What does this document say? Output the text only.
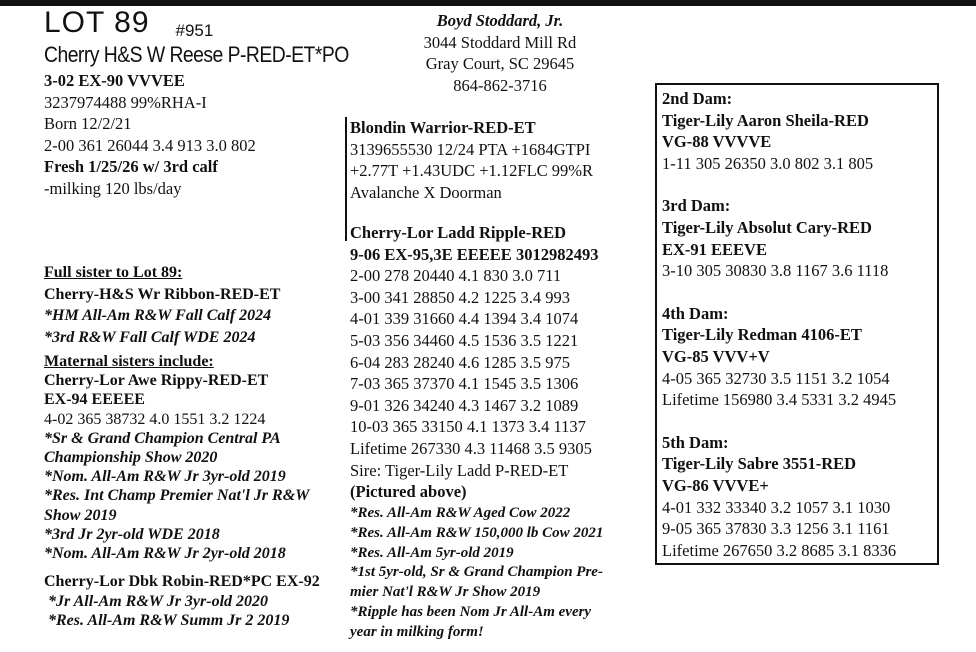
LOT 89 $^{\#951}$
Cherry H&S W Reese P-RED-ET*PO
3-02 EX-90 VVVEE
3237974488 99%RHA-I
Born 12/2/21
2-00 361 26044 3.4 913 3.0 802
Fresh 1/25/26 w/ 3rd calf
-milking 120 lbs/day
Boyd Stoddard, Jr.
3044 Stoddard Mill Rd
Gray Court, SC 29645
864-862-3716
Blondin Warrior-RED-ET
3139655530 12/24 PTA +1684GTPI
+2.77T +1.43UDC +1.12FLC 99%R
Avalanche X Doorman
Cherry-Lor Ladd Ripple-RED
9-06 EX-95,3E EEEEE 3012982493
2-00 278 20440 4.1 830 3.0 711
3-00 341 28850 4.2 1225 3.4 993
4-01 339 31660 4.4 1394 3.4 1074
5-03 356 34460 4.5 1536 3.5 1221
6-04 283 28240 4.6 1285 3.5 975
7-03 365 37370 4.1 1545 3.5 1306
9-01 326 34240 4.3 1467 3.2 1089
10-03 365 33150 4.1 1373 3.4 1137
Lifetime 267330 4.3 11468 3.5 9305
Sire: Tiger-Lily Ladd P-RED-ET
(Pictured above)
*Res. All-Am R&W Aged Cow 2022
*Res. All-Am R&W 150,000 lb Cow 2021
*Res. All-Am 5yr-old 2019
*1st 5yr-old, Sr & Grand Champion Pre-
mier Nat'l R&W Jr Show 2019
*Ripple has been Nom Jr All-Am every
year in milking form!
Full sister to Lot 89:
Cherry-H&S Wr Ribbon-RED-ET
*HM All-Am R&W Fall Calf 2024
*3rd R&W Fall Calf WDE 2024
Maternal sisters include:
Cherry-Lor Awe Rippy-RED-ET
EX-94 EEEEE
4-02 365 38732 4.0 1551 3.2 1224
*Sr & Grand Champion Central PA
Championship Show 2020
*Nom. All-Am R&W Jr 3yr-old 2019
*Res. Int Champ Premier Nat'l Jr R&W
Show 2019
*3rd Jr 2yr-old WDE 2018
*Nom. All-Am R&W Jr 2yr-old 2018
Cherry-Lor Dbk Robin-RED*PC EX-92
*Jr All-Am R&W Jr 3yr-old 2020
*Res. All-Am R&W Summ Jr 2 2019
2nd Dam:
Tiger-Lily Aaron Sheila-RED
VG-88 VVVVE
1-11 305 26350 3.0 802 3.1 805
3rd Dam:
Tiger-Lily Absolut Cary-RED
EX-91 EEEVE
3-10 305 30830 3.8 1167 3.6 1118
4th Dam:
Tiger-Lily Redman 4106-ET
VG-85 VVV+V
4-05 365 32730 3.5 1151 3.2 1054
Lifetime 156980 3.4 5331 3.2 4945
5th Dam:
Tiger-Lily Sabre 3551-RED
VG-86 VVVE+
4-01 332 33340 3.2 1057 3.1 1030
9-05 365 37830 3.3 1256 3.1 1161
Lifetime 267650 3.2 8685 3.1 8336
